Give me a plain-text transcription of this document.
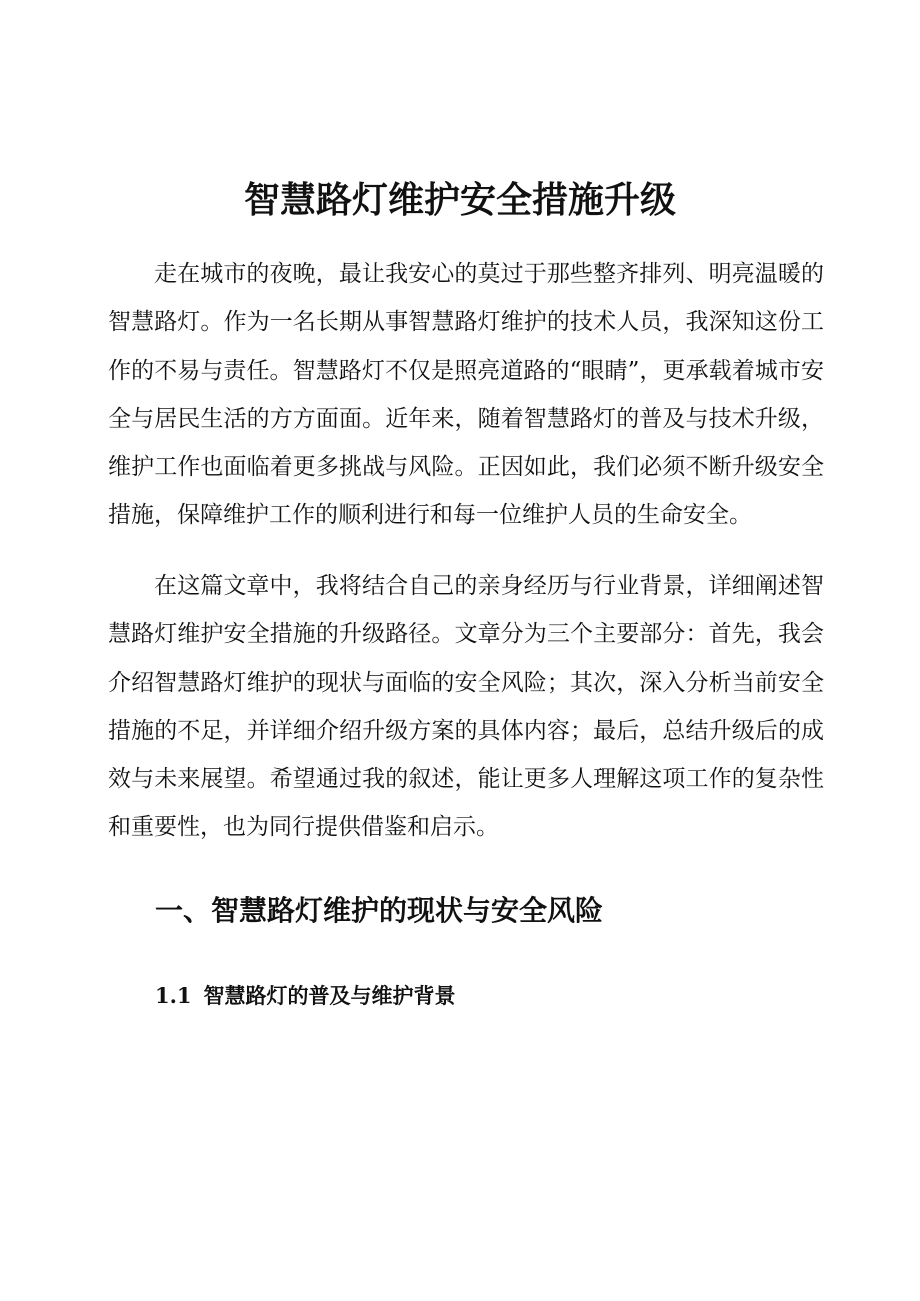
智慧路灯维护安全措施升级

走在城市的夜晚，最让我安心的莫过于那些整齐排列、明亮温暖的智慧路灯。作为一名长期从事智慧路灯维护的技术人员，我深知这份工作的不易与责任。智慧路灯不仅是照亮道路的“眼睛”，更承载着城市安全与居民生活的方方面面。近年来，随着智慧路灯的普及与技术升级，维护工作也面临着更多挑战与风险。正因如此，我们必须不断升级安全措施，保障维护工作的顺利进行和每一位维护人员的生命安全。

在这篇文章中，我将结合自己的亲身经历与行业背景，详细阐述智慧路灯维护安全措施的升级路径。文章分为三个主要部分：首先，我会介绍智慧路灯维护的现状与面临的安全风险；其次，深入分析当前安全措施的不足，并详细介绍升级方案的具体内容；最后，总结升级后的成效与未来展望。希望通过我的叙述，能让更多人理解这项工作的复杂性和重要性，也为同行提供借鉴和启示。

一、智慧路灯维护的现状与安全风险
1.1 智慧路灯的普及与维护背景
